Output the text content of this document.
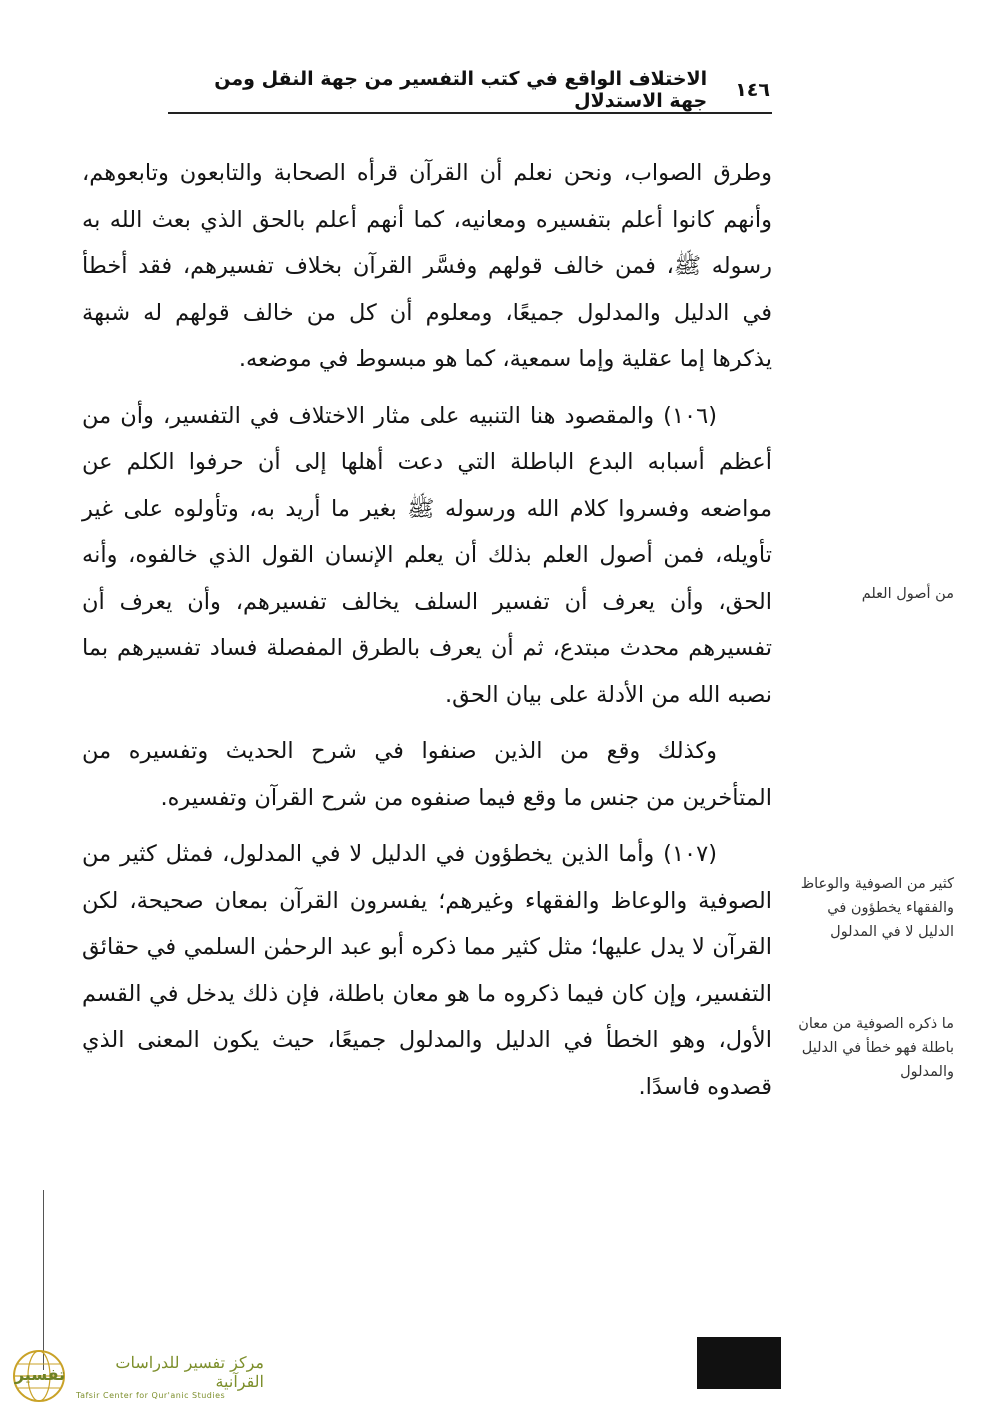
١٤٦
الاختلاف الواقع في كتب التفسير من جهة النقل ومن جهة الاستدلال

وطرق الصواب، ونحن نعلم أن القرآن قرأه الصحابة والتابعون وتابعوهم، وأنهم كانوا أعلم بتفسيره ومعانيه، كما أنهم أعلم بالحق الذي بعث الله به رسوله ﷺ، فمن خالف قولهم وفسَّر القرآن بخلاف تفسيرهم، فقد أخطأ في الدليل والمدلول جميعًا، ومعلوم أن كل من خالف قولهم له شبهة يذكرها إما عقلية وإما سمعية، كما هو مبسوط في موضعه.

(١٠٦) والمقصود هنا التنبيه على مثار الاختلاف في التفسير، وأن من أعظم أسبابه البدع الباطلة التي دعت أهلها إلى أن حرفوا الكلم عن مواضعه وفسروا كلام الله ورسوله ﷺ بغير ما أريد به، وتأولوه على غير تأويله، فمن أصول العلم بذلك أن يعلم الإنسان القول الذي خالفوه، وأنه الحق، وأن يعرف أن تفسير السلف يخالف تفسيرهم، وأن يعرف أن تفسيرهم محدث مبتدع، ثم أن يعرف بالطرق المفصلة فساد تفسيرهم بما نصبه الله من الأدلة على بيان الحق.

وكذلك وقع من الذين صنفوا في شرح الحديث وتفسيره من المتأخرين من جنس ما وقع فيما صنفوه من شرح القرآن وتفسيره.

(١٠٧) وأما الذين يخطؤون في الدليل لا في المدلول، فمثل كثير من الصوفية والوعاظ والفقهاء وغيرهم؛ يفسرون القرآن بمعان صحيحة، لكن القرآن لا يدل عليها؛ مثل كثير مما ذكره أبو عبد الرحمٰن السلمي في حقائق التفسير، وإن كان فيما ذكروه ما هو معان باطلة، فإن ذلك يدخل في القسم الأول، وهو الخطأ في الدليل والمدلول جميعًا، حيث يكون المعنى الذي قصدوه فاسدًا.

من أصول العلم
كثير من الصوفية والوعاظ والفقهاء يخطؤون في الدليل لا في المدلول
ما ذكره الصوفية من معان باطلة فهو خطأ في الدليل والمدلول
تفسير
مركز تفسير للدراسات القرآنية
Tafsir Center for Qur'anic Studies
